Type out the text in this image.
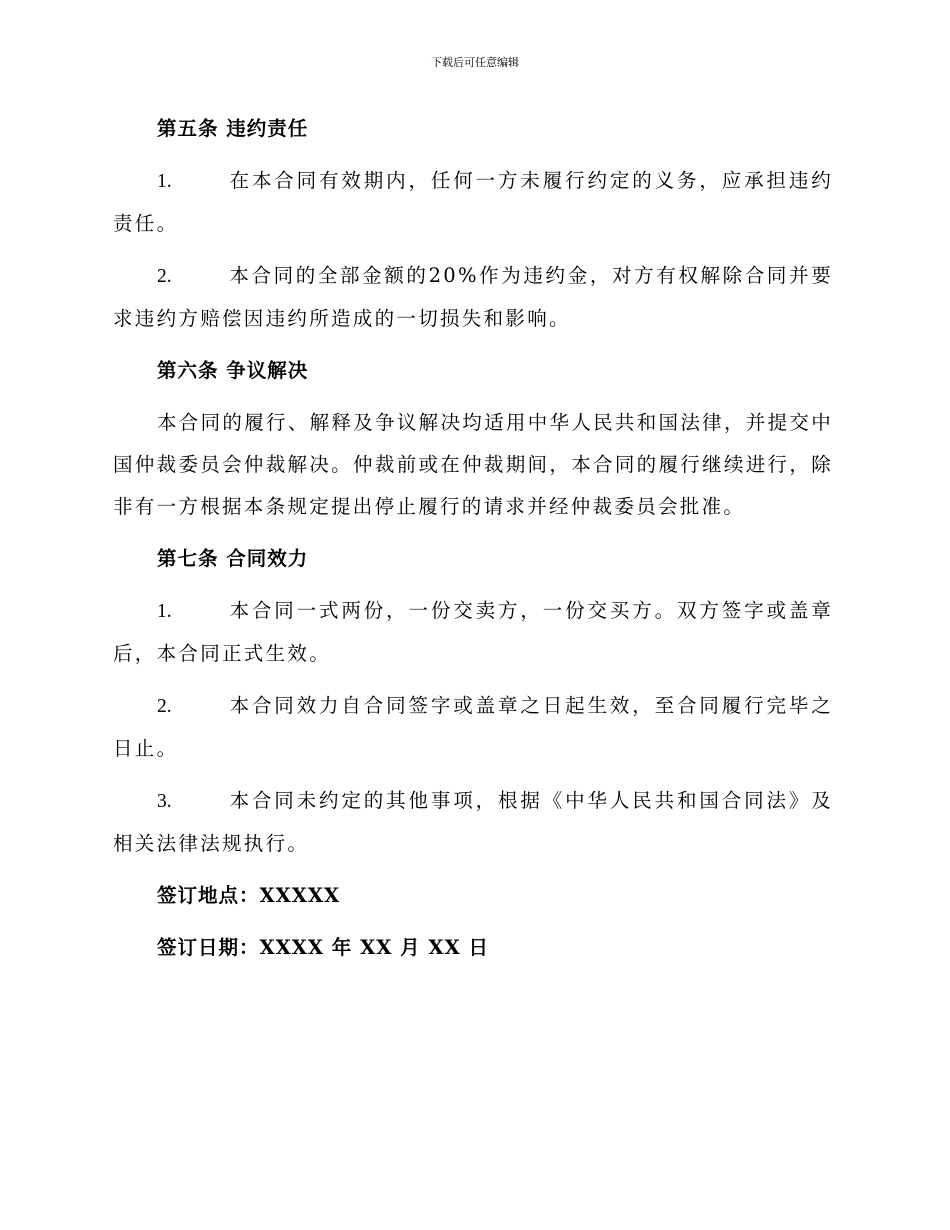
下载后可任意编辑
第五条 违约责任

1.	在本合同有效期内，任何一方未履行约定的义务，应承担违约责任。

2.	本合同的全部金额的20%作为违约金，对方有权解除合同并要求违约方赔偿因违约所造成的一切损失和影响。

第六条 争议解决

本合同的履行、解释及争议解决均适用中华人民共和国法律，并提交中国仲裁委员会仲裁解决。仲裁前或在仲裁期间，本合同的履行继续进行，除非有一方根据本条规定提出停止履行的请求并经仲裁委员会批准。

第七条 合同效力

1.	本合同一式两份，一份交卖方，一份交买方。双方签字或盖章后，本合同正式生效。

2.	本合同效力自合同签字或盖章之日起生效，至合同履行完毕之日止。

3.	本合同未约定的其他事项，根据《中华人民共和国合同法》及相关法律法规执行。

签订地点：XXXXX
签订日期：XXXX 年 XX 月 XX 日
